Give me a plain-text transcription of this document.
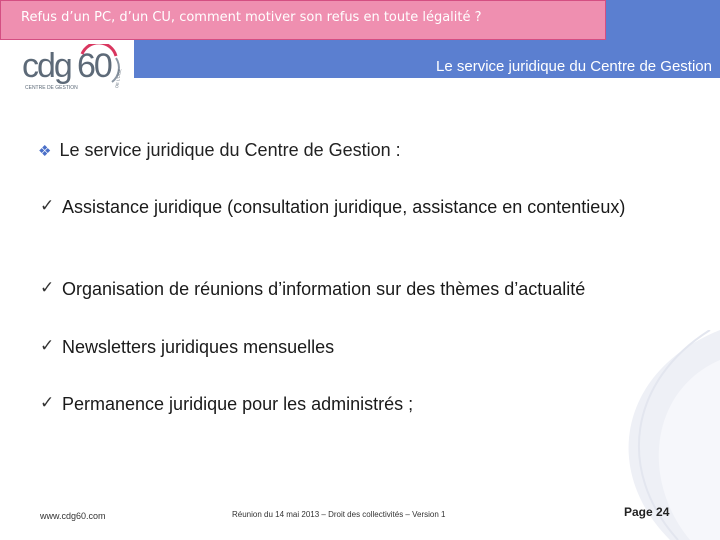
Refus d’un PC, d’un CU, comment motiver son refus en toute légalité ?
Le service juridique du Centre de Gestion
cdg 60
CENTRE DE GESTION	DE L'OISE
❖ Le service juridique du Centre de Gestion :
✓ Assistance juridique (consultation juridique, assistance en contentieux)
✓ Organisation de réunions d’information sur des thèmes d’actualité
✓ Newsletters juridiques mensuelles
✓ Permanence juridique pour les administrés ;
www.cdg60.com	Réunion du 14 mai 2013 – Droit des collectivités – Version 1	Page 24
